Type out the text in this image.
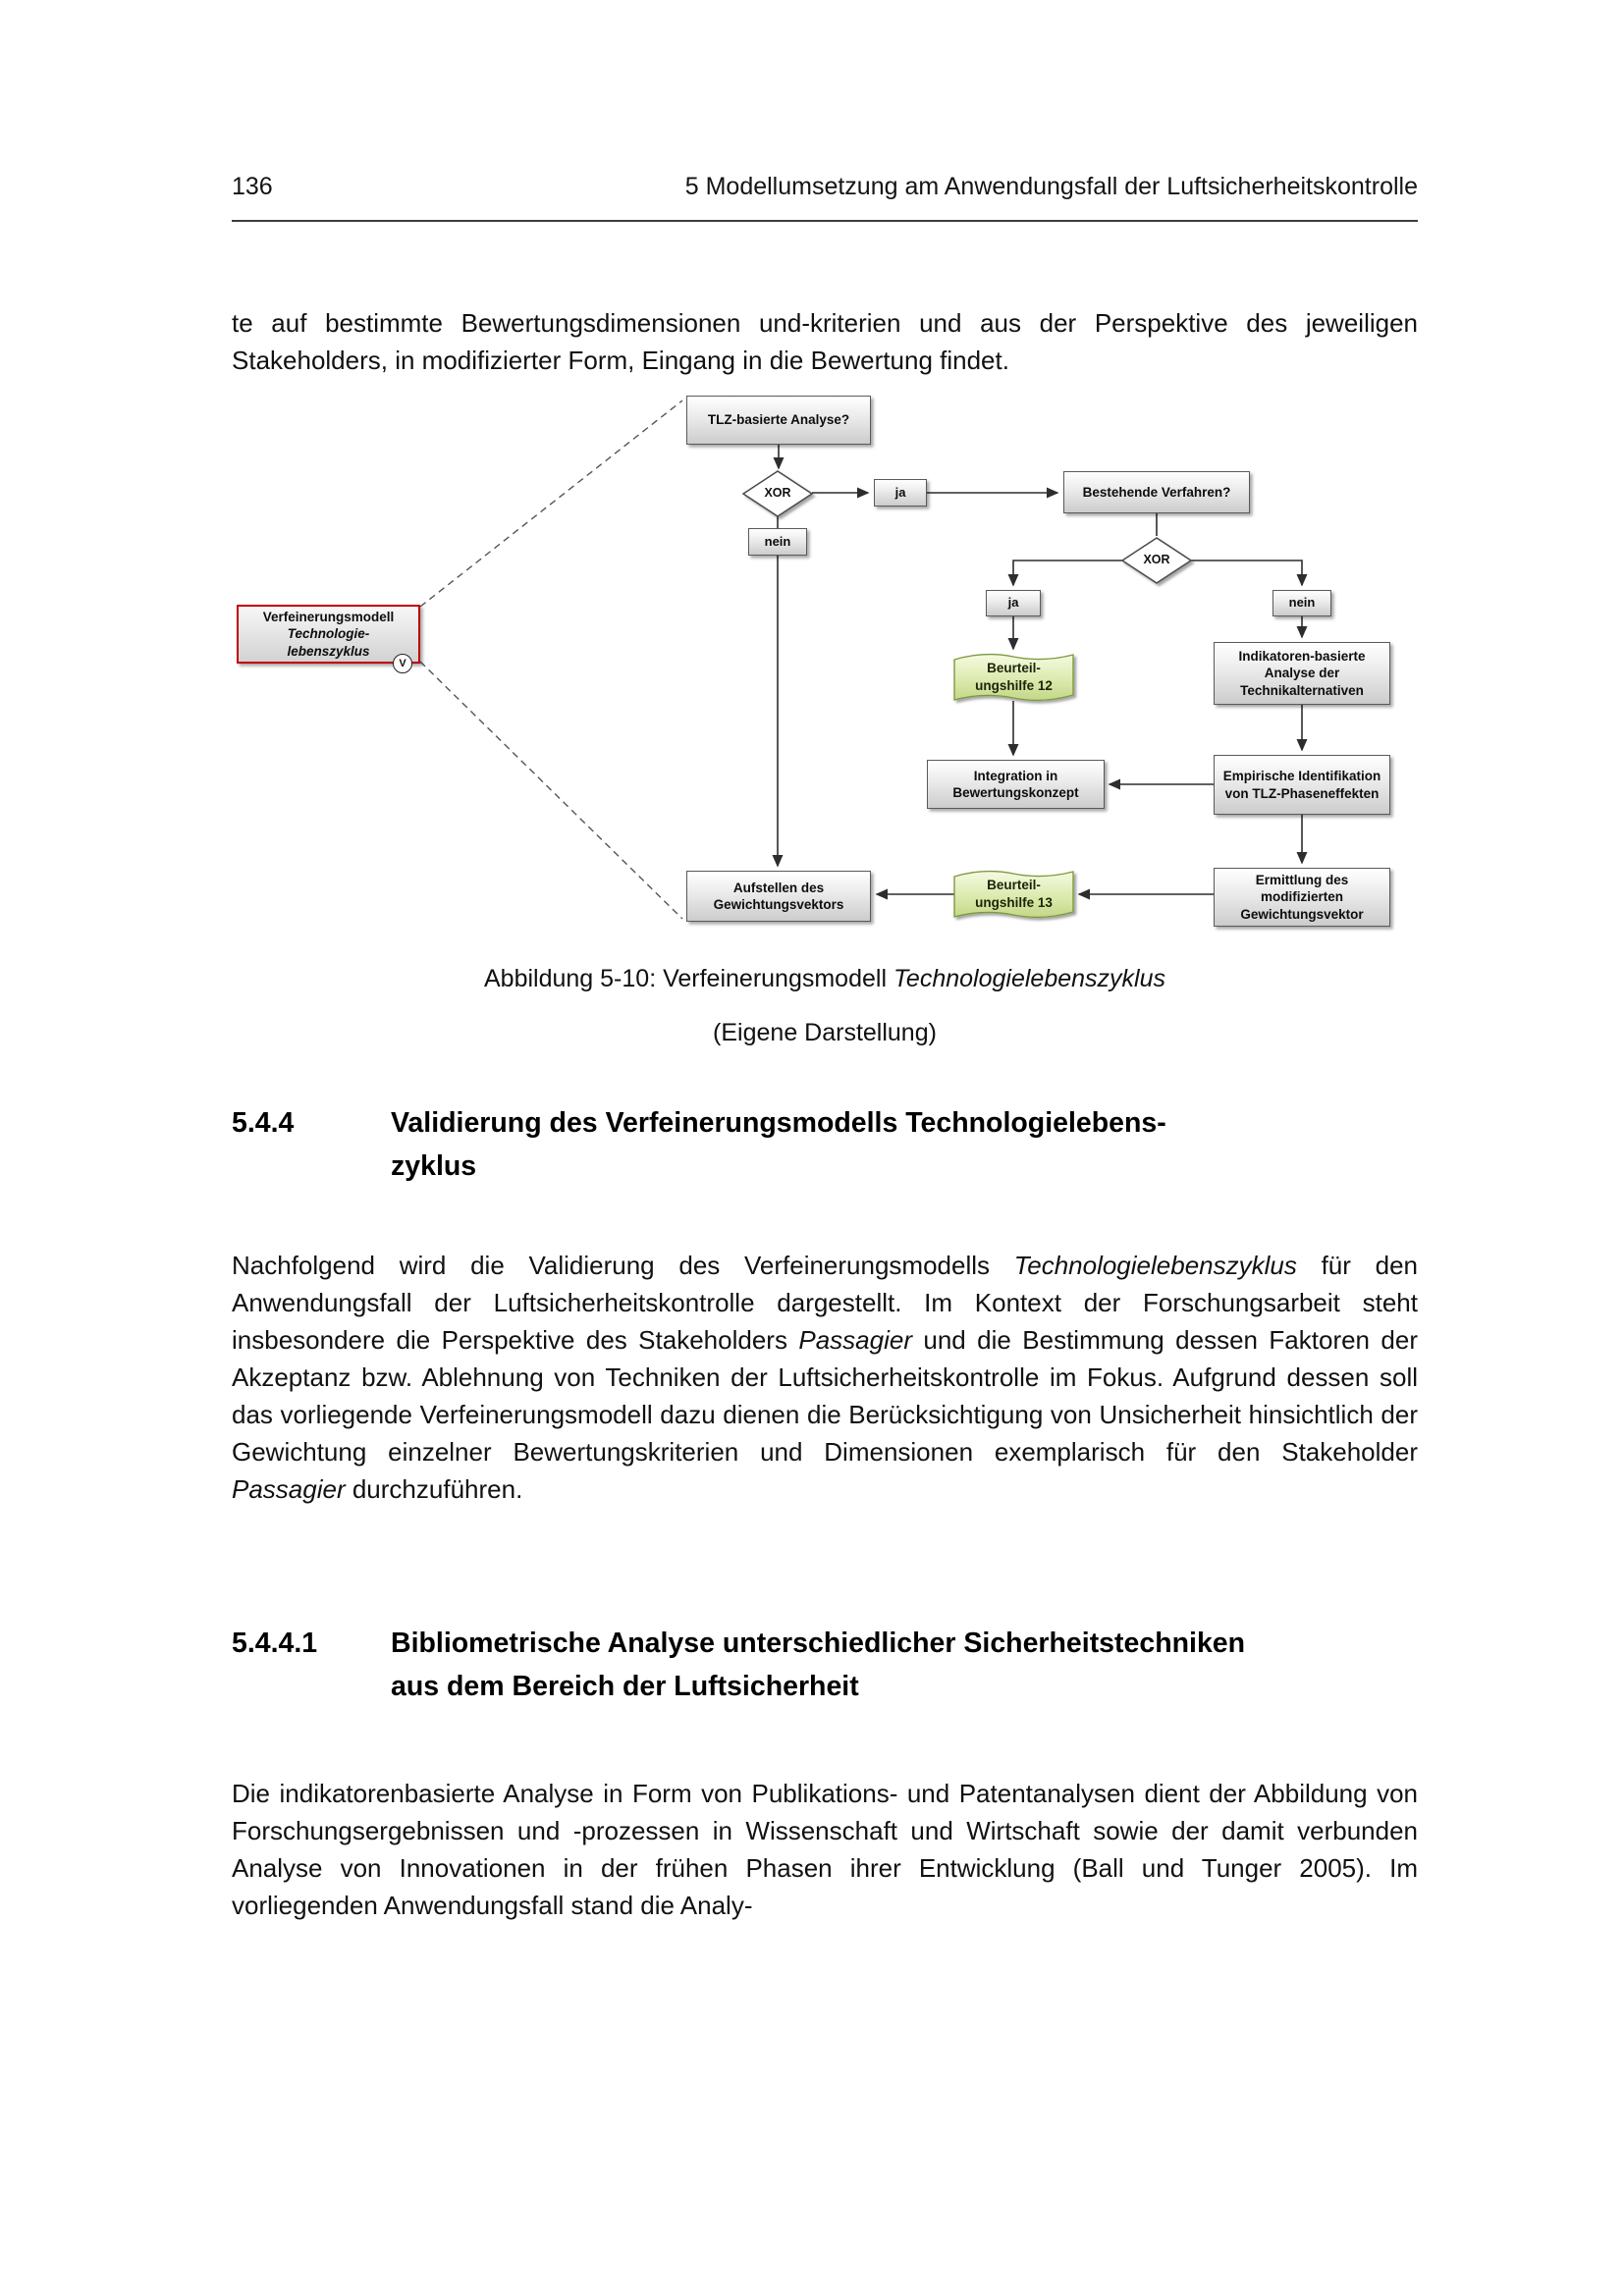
136	5 Modellumsetzung am Anwendungsfall der Luftsicherheitskontrolle

te auf bestimmte Bewertungsdimensionen und-kriterien und aus der Perspektive des jeweiligen Stakeholders, in modifizierter Form, Eingang in die Bewertung findet.

TLZ-basierte Analyse?
ja	Bestehende Verfahren?
nein
ja	nein
Indikatoren-basierte Analyse der Technikalternativen
Integration in Bewertungskonzept
Empirische Identifikation von TLZ-Phaseneffekten
Ermittlung des modifizierten Gewichtungsvektor
Aufstellen des Gewichtungsvektors
Verfeinerungsmodell
Technologie-
lebenszyklus
V
XOR
XOR
Beurteil-
ungshilfe 12
Beurteil-
ungshilfe 13
Abbildung 5-10: Verfeinerungsmodell Technologielebenszyklus
(Eigene Darstellung)
5.4.4	Validierung des Verfeinerungsmodells Technologielebens-
zyklus

Nachfolgend wird die Validierung des Verfeinerungsmodells Technologielebenszyklus für den Anwendungsfall der Luftsicherheitskontrolle dargestellt. Im Kontext der Forschungsarbeit steht insbesondere die Perspektive des Stakeholders Passagier und die Bestimmung dessen Faktoren der Akzeptanz bzw. Ablehnung von Techniken der Luftsicherheitskontrolle im Fokus. Aufgrund dessen soll das vorliegende Verfeinerungsmodell dazu dienen die Berücksichtigung von Unsicherheit hinsichtlich der Gewichtung einzelner Bewertungskriterien und Dimensionen exemplarisch für den Stakeholder Passagier durchzuführen.

5.4.4.1	Bibliometrische Analyse unterschiedlicher Sicherheitstechniken
aus dem Bereich der Luftsicherheit

Die indikatorenbasierte Analyse in Form von Publikations- und Patentanalysen dient der Abbildung von Forschungsergebnissen und -prozessen in Wissenschaft und Wirtschaft sowie der damit verbunden Analyse von Innovationen in der frühen Phasen ihrer Entwicklung (Ball und Tunger 2005). Im vorliegenden Anwendungsfall stand die Analy-
